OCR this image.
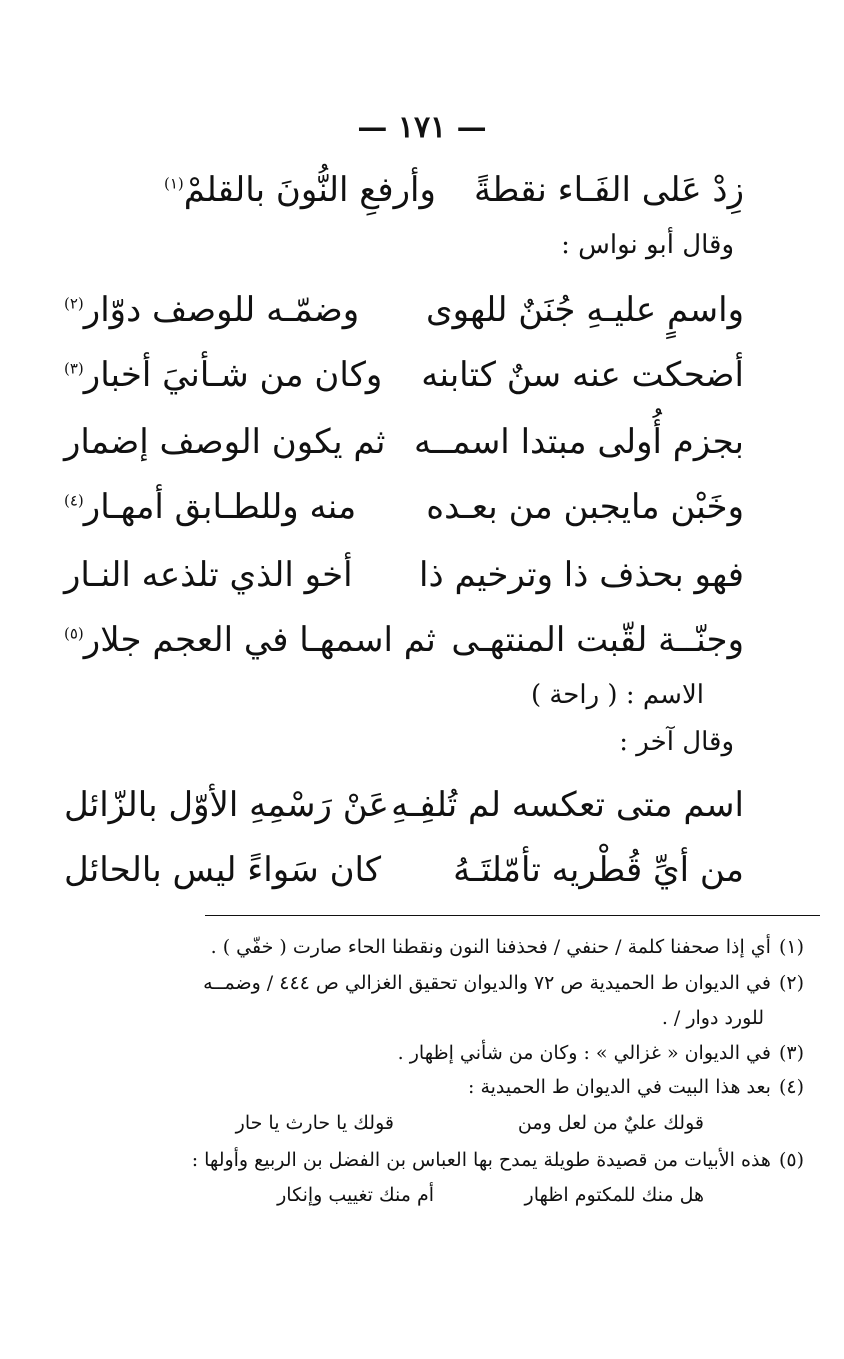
— ١٧١ —
زِدْ عَلى الفَـاء نقطةً
وأرفعِ النُّونَ بالقلمْ$^{(١)}$
وقال أبو نواس :
واسمٍ عليـهِ جُنَنٌ للهوى
وضمّـه للوصف دوّار$^{(٢)}$
أضحكت عنه سنٌ كتابنه
وكان من شـأنيَ أخبار$^{(٣)}$
بجزم أُولى مبتدا اسمــه
ثم يكون الوصف إضمار
وخَبْن مايجبن من بعـده
منه وللطـابق أمهـار$^{(٤)}$
فهو بحذف ذا وترخيم ذا
أخو الذي تلذعه النـار
وجنّــة لقّبت المنتهـى
ثم اسمهـا في العجم جلار$^{(٥)}$
الاسم : ( راحة )
وقال آخر :
اسم متى تعكسه لم تُلفِـهِ
عَنْ رَسْمِهِ الأوّل بالزّائل
من أيِّ قُطْريه تأمّلتَـهُ
كان سَواءً ليس بالحائل
(١)أي إذا صحفنا كلمة / حنفي / فحذفنا النون ونقطنا الحاء صارت ( خفّي ) .
(٢)في الديوان ط الحميدية ص ٧٢ والديوان تحقيق الغزالي ص ٤٤٤ / وضمــه
للورد دوار / .
(٣)في الديوان « غزالي » : وكان من شأني إظهار .
(٤)بعد هذا البيت في الديوان ط الحميدية :
قولك عليٌ من لعل ومن
قولك يا حارث يا حار
(٥)هذه الأبيات من قصيدة طويلة يمدح بها العباس بن الفضل بن الربيع وأولها :
هل منك للمكتوم اظهار
أم منك تغييب وإنكار
